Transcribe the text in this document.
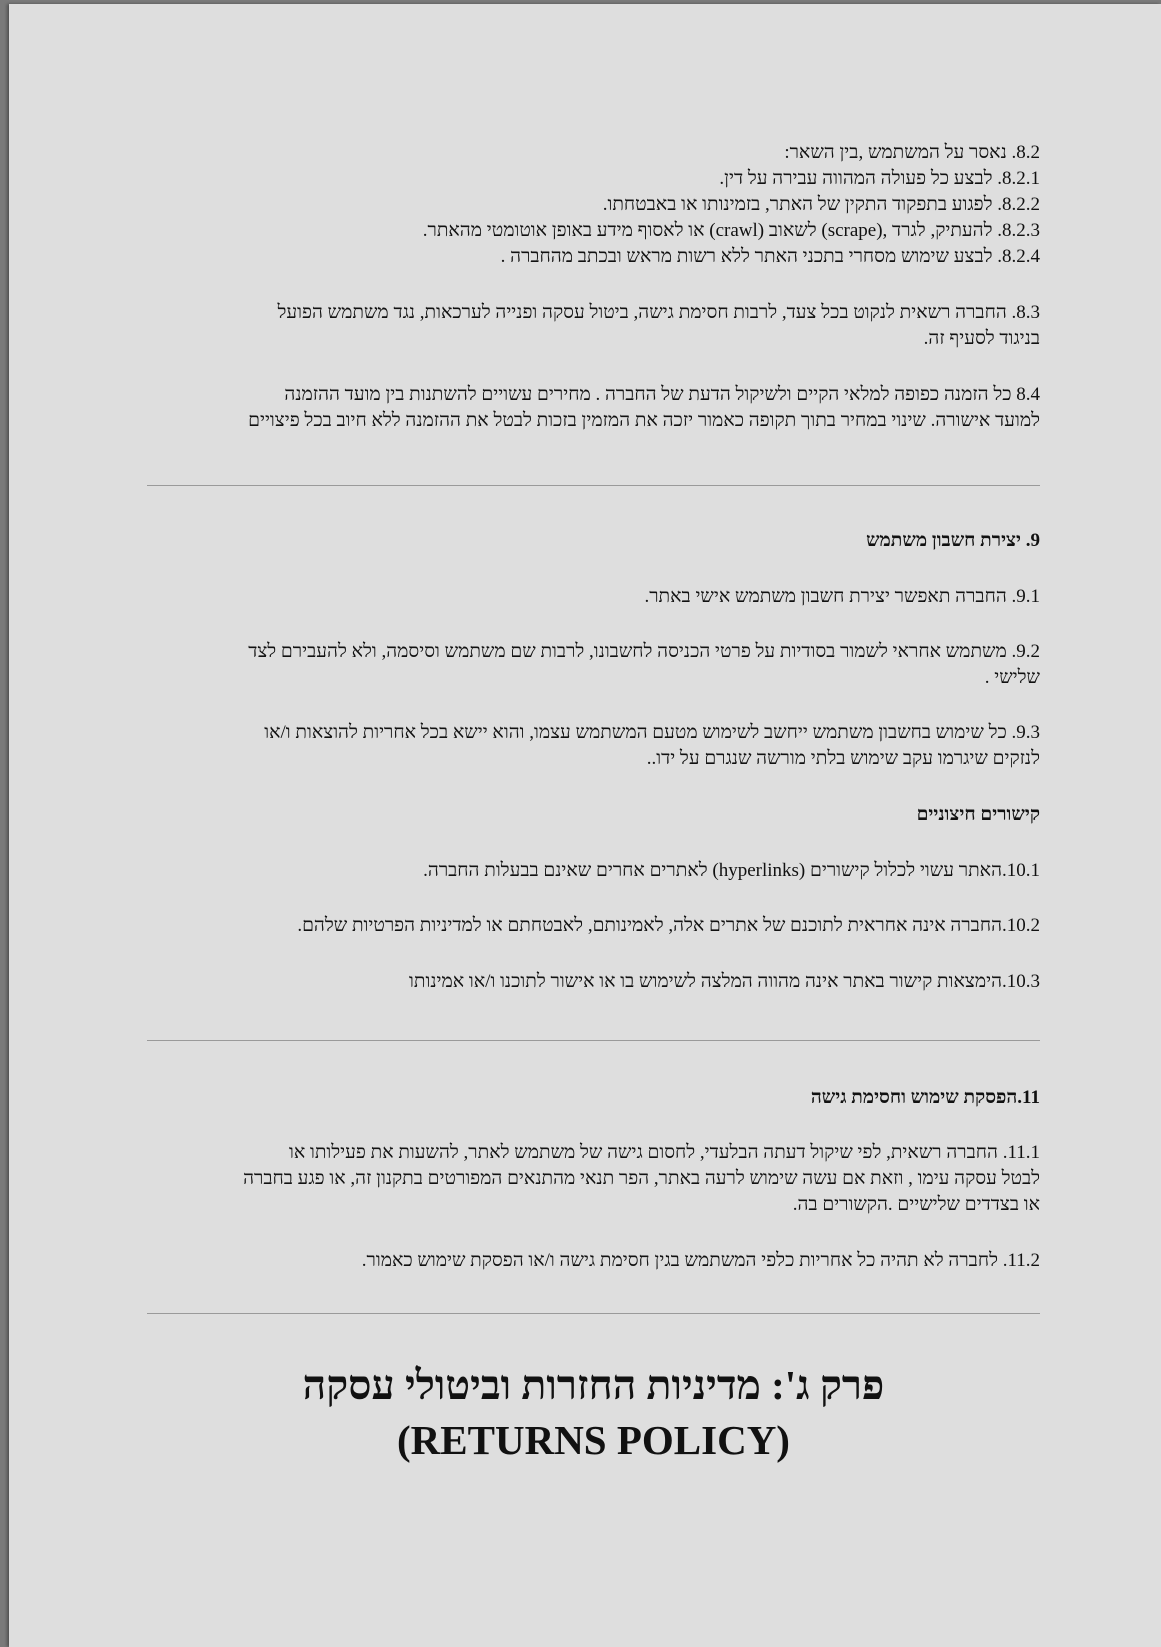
8.2. נאסר על המשתמש ,בין השאר:
8.2.1. לבצע כל פעולה המהווה עבירה על דין.
8.2.2. לפגוע בתפקוד התקין של האתר, בזמינותו או באבטחתו.
8.2.3. להעתיק, לגרד ,(scrape) לשאוב (crawl) או לאסוף מידע באופן אוטומטי מהאתר.
8.2.4. לבצע שימוש מסחרי בתכני האתר ללא רשות מראש ובכתב מהחברה .
8.3. החברה רשאית לנקוט בכל צעד, לרבות חסימת גישה, ביטול עסקה ופנייה לערכאות, נגד משתמש הפועל
בניגוד לסעיף זה.
8.4 כל הזמנה כפופה למלאי הקיים ולשיקול הדעת של החברה . מחירים עשויים להשתנות בין מועד ההזמנה
למועד אישורה. שינוי במחיר בתוך תקופה כאמור יזכה את המזמין בזכות לבטל את ההזמנה ללא חיוב בכל פיצויים
9. יצירת חשבון משתמש
9.1. החברה תאפשר יצירת חשבון משתמש אישי באתר.
9.2. משתמש אחראי לשמור בסודיות על פרטי הכניסה לחשבונו, לרבות שם משתמש וסיסמה, ולא להעבירם לצד
שלישי .
9.3. כל שימוש בחשבון משתמש ייחשב לשימוש מטעם המשתמש עצמו, והוא יישא בכל אחריות להוצאות ו/או
לנזקים שיגרמו עקב שימוש בלתי מורשה שנגרם על ידו..
קישורים חיצוניים
10.1.האתר עשוי לכלול קישורים (hyperlinks) לאתרים אחרים שאינם בבעלות החברה.
10.2.החברה אינה אחראית לתוכנם של אתרים אלה, לאמינותם, לאבטחתם או למדיניות הפרטיות שלהם.
10.3.הימצאות קישור באתר אינה מהווה המלצה לשימוש בו או אישור לתוכנו ו/או אמינותו
11.הפסקת שימוש וחסימת גישה
11.1. החברה רשאית, לפי שיקול דעתה הבלעדי, לחסום גישה של משתמש לאתר, להשעות את פעילותו או
לבטל עסקה עימו , וזאת אם עשה שימוש לרעה באתר, הפר תנאי מהתנאים המפורטים בתקנון זה, או פגע בחברה
או בצדדים שלישיים .הקשורים בה.
11.2. לחברה לא תהיה כל אחריות כלפי המשתמש בגין חסימת גישה ו/או הפסקת שימוש כאמור.
פרק ג': מדיניות החזרות וביטולי עסקה
(RETURNS POLICY)
